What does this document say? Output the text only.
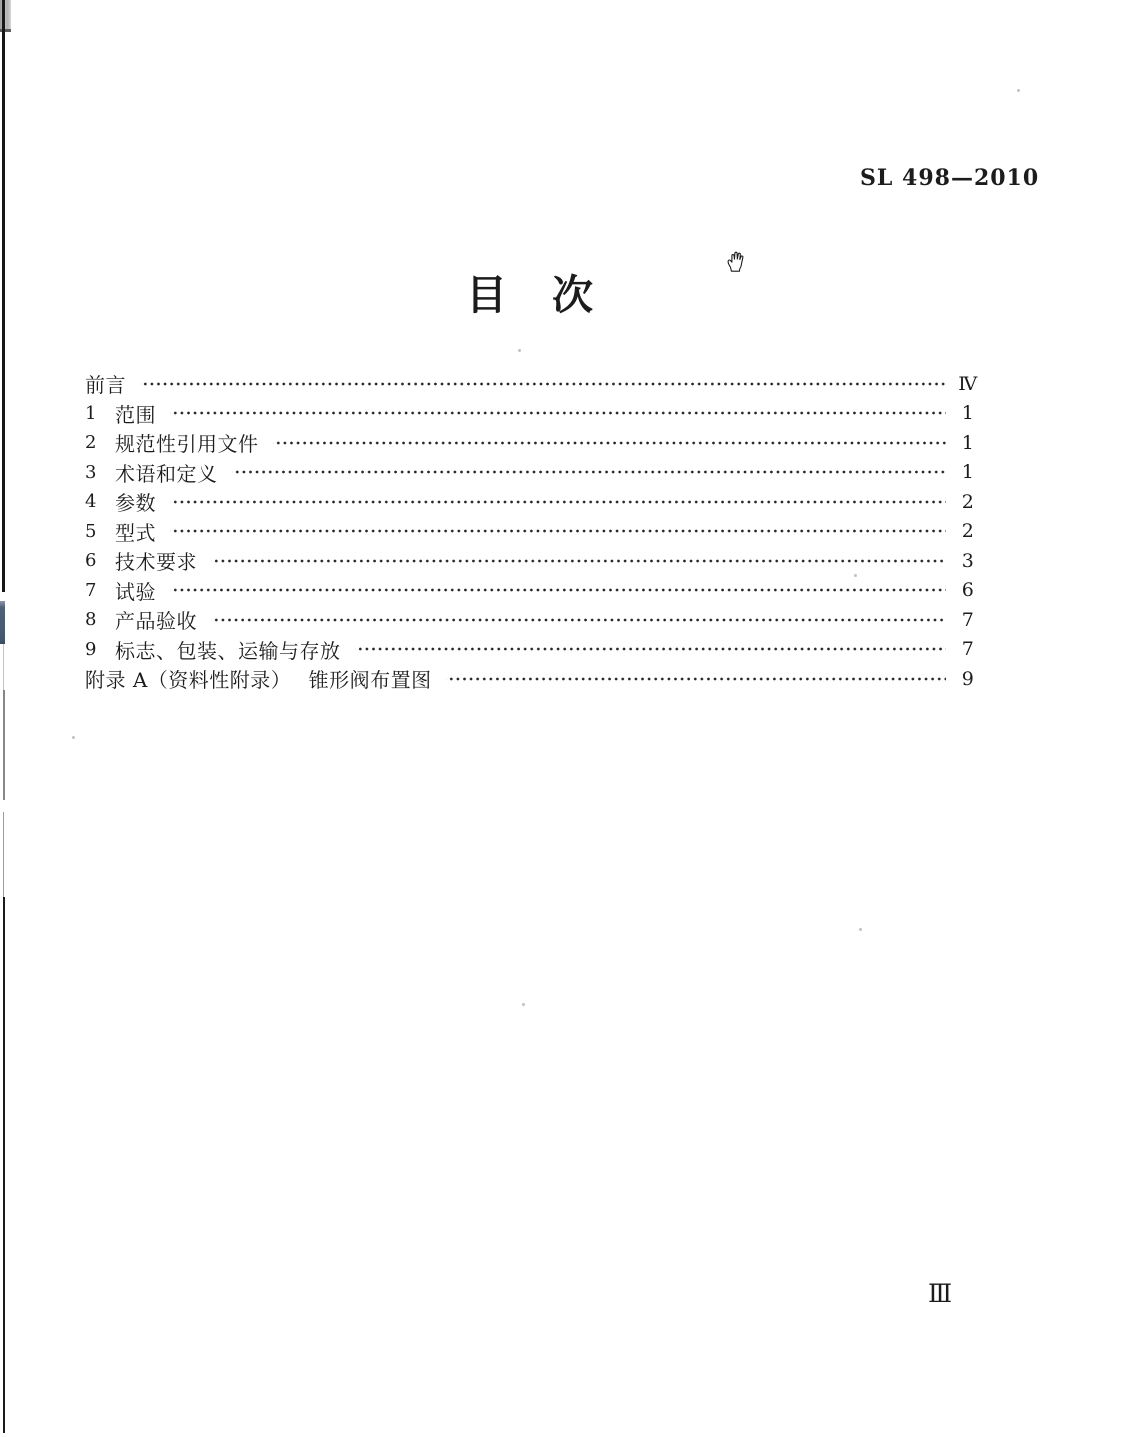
SL 498—2010
目　次
前言	Ⅳ
1 范围	1
2 规范性引用文件	1
3 术语和定义	1
4 参数	2
5 型式	2
6 技术要求	3
7 试验	6
8 产品验收	7
9 标志、包装、运输与存放	7
附录 A（资料性附录）　 锥形阀布置图	9
Ⅲ
